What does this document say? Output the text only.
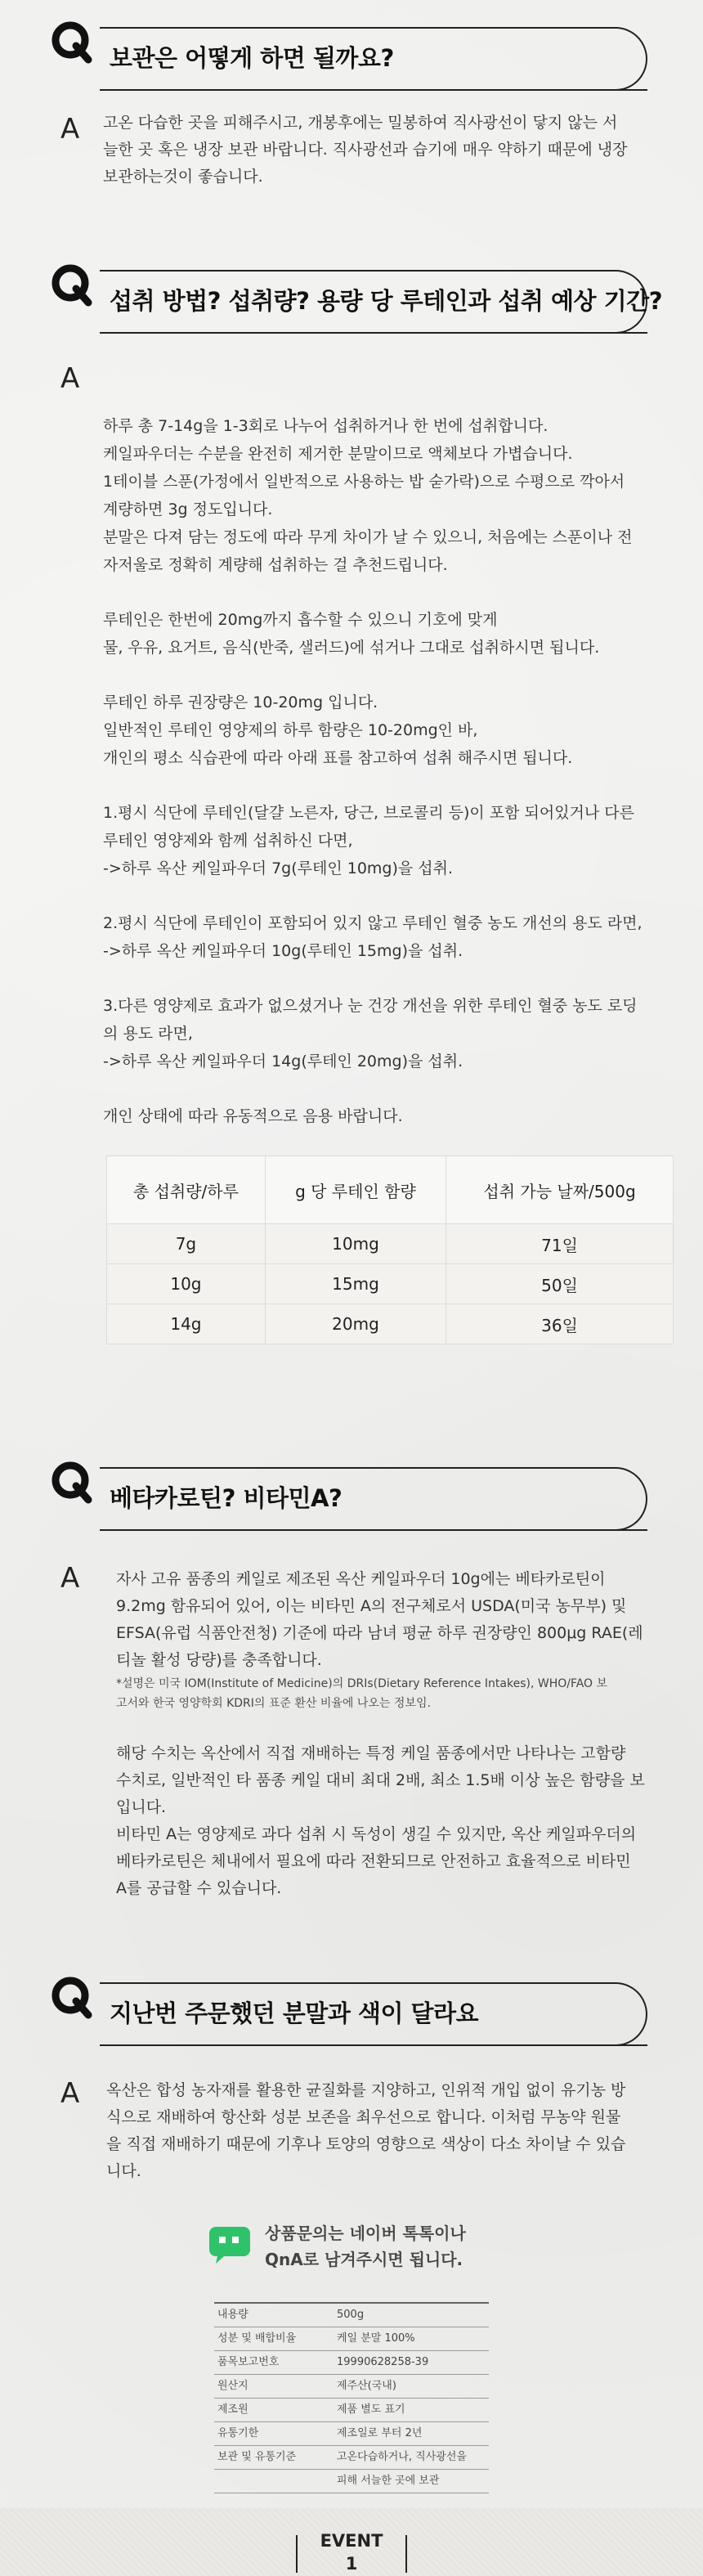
보관은 어떻게 하면 될까요?
A 고온 다습한 곳을 피해주시고, 개봉후에는 밀봉하여 직사광선이 닿지 않는 서

늘한 곳 혹은 냉장 보관 바랍니다. 직사광선과 습기에 매우 약하기 때문에 냉장

보관하는것이 좋습니다.

섭취 방법? 섭취량? 용량 당 루테인과 섭취 예상 기간?
A

하루 총 7-14g을 1-3회로 나누어 섭취하거나 한 번에 섭취합니다.

케일파우더는 수분을 완전히 제거한 분말이므로 액체보다 가볍습니다.

1테이블 스푼(가정에서 일반적으로 사용하는 밥 숟가락)으로 수평으로 깍아서

계량하면 3g 정도입니다.

분말은 다져 담는 정도에 따라 무게 차이가 날 수 있으니, 처음에는 스푼이나 전

자저울로 정확히 계량해 섭취하는 걸 추천드립니다.

루테인은 한번에 20mg까지 흡수할 수 있으니 기호에 맞게

물, 우유, 요거트, 음식(반죽, 샐러드)에 섞거나 그대로 섭취하시면 됩니다.

루테인 하루 권장량은 10-20mg 입니다.

일반적인 루테인 영양제의 하루 함량은 10-20mg인 바,

개인의 평소 식습관에 따라 아래 표를 참고하여 섭취 해주시면 됩니다.

1.평시 식단에 루테인(달걀 노른자, 당근, 브로콜리 등)이 포함 되어있거나 다른

루테인 영양제와 함께 섭취하신 다면,

->하루 옥산 케일파우더 7g(루테인 10mg)을 섭취.

2.평시 식단에 루테인이 포함되어 있지 않고 루테인 혈중 농도 개선의 용도 라면,

->하루 옥산 케일파우더 10g(루테인 15mg)을 섭취.

3.다른 영양제로 효과가 없으셨거나 눈 건강 개선을 위한 루테인 혈중 농도 로딩

의 용도 라면,

->하루 옥산 케일파우더 14g(루테인 20mg)을 섭취.

개인 상태에 따라 유동적으로 음용 바랍니다.

총 섭취량/하루	g 당 루테인 함량	섭취 가능 날짜/500g
7g	10mg	71일
10g	15mg	50일
14g	20mg	36일
베타카로틴? 비타민A?
A 자사 고유 품종의 케일로 제조된 옥산 케일파우더 10g에는 베타카로틴이

9.2mg 함유되어 있어, 이는 비타민 A의 전구체로서 USDA(미국 농무부) 및

EFSA(유럽 식품안전청) 기준에 따라 남녀 평균 하루 권장량인 800μg RAE(레

티놀 활성 당량)를 충족합니다.

*설명은 미국 IOM(Institute of Medicine)의 DRIs(Dietary Reference Intakes), WHO/FAO 보

고서와 한국 영양학회 KDRI의 표준 환산 비율에 나오는 정보임.

해당 수치는 옥산에서 직접 재배하는 특정 케일 품종에서만 나타나는 고함량

수치로, 일반적인 타 품종 케일 대비 최대 2배, 최소 1.5배 이상 높은 함량을 보

입니다.

비타민 A는 영양제로 과다 섭취 시 독성이 생길 수 있지만, 옥산 케일파우더의

베타카로틴은 체내에서 필요에 따라 전환되므로 안전하고 효율적으로 비타민

A를 공급할 수 있습니다.

지난번 주문했던 분말과 색이 달라요
A 옥산은 합성 농자재를 활용한 균질화를 지양하고, 인위적 개입 없이 유기농 방

식으로 재배하여 항산화 성분 보존을 최우선으로 합니다. 이처럼 무농약 원물

을 직접 재배하기 때문에 기후나 토양의 영향으로 색상이 다소 차이날 수 있습

니다.

상품문의는 네이버 톡톡이나
QnA로 남겨주시면 됩니다.
내용량	500g
성분 및 배합비율	케일 분말 100%
품목보고번호	19990628258-39
원산지	제주산(국내)
제조원	제품 별도 표기
유통기한	제조일로 부터 2년
보관 및 유통기준	고온다습하거나, 직사광선을
피해 서늘한 곳에 보관
EVENT
1
